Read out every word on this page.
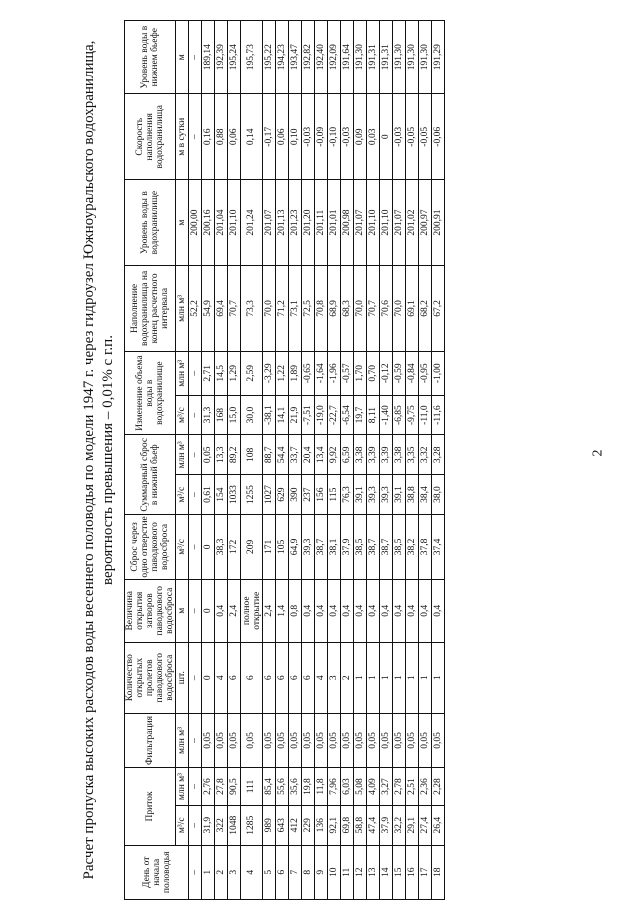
2
Расчет пропуска высоких расходов воды весеннего половодья по модели 1947 г. через гидроузел Южноуральского водохранилища, вероятность превышения – 0,01% с г.п.
День от начала половодья	Приток		Фильтрация	Количество открытых пролетов паводкового водосброса	Величина открытия затворов паводкового водосброса	Сброс через одно отверстие паводкового водосброса	Суммарный сброс в нижний бьеф		Изменение объема воды в водохранилище		Наполнение водохранилища на конец расчетного интервала	Уровень воды в водохранилище	Скорость наполнения водохранилища	Уровень воды в нижнем бьефе
	м³/с	млн м³	млн м³	шт.	м	м³/с	м³/с	млн м³	м³/с	млн м³	млн м³	м	м в сутки	м
–	–	–	–	–	–	–	–	–	–	–	52,2	200,00	–	–
1	31,9	2,76	0,05	0	0	0	0,61	0,05	31,3	2,71	54,9	200,16	0,16	189,14
2	322	27,8	0,05	4	0,4	38,3	154	13,3	168	14,5	69,4	201,04	0,88	192,39
3	1048	90,5	0,05	6	2,4	172	1033	89,2	15,0	1,29	70,7	201,10	0,06	195,24
4	1285	111	0,05	6	полное открытие	209	1255	108	30,0	2,59	73,3	201,24	0,14	195,73
5	989	85,4	0,05	6	2,4	171	1027	88,7	-38,1	-3,29	70,0	201,07	-0,17	195,22
6	643	55,6	0,05	6	1,4	105	629	54,4	14,1	1,22	71,2	201,13	0,06	194,23
7	412	35,6	0,05	6	0,8	64,9	390	33,7	21,9	1,89	73,1	201,23	0,10	193,47
8	229	19,8	0,05	6	0,4	39,3	237	20,4	-7,51	-0,65	72,5	201,20	-0,03	192,82
9	136	11,8	0,05	4	0,4	38,7	156	13,4	-19,0	-1,64	70,8	201,11	-0,09	192,40
10	92,1	7,96	0,05	3	0,4	38,1	115	9,92	-22,7	-1,96	68,9	201,01	-0,10	192,09
11	69,8	6,03	0,05	2	0,4	37,9	76,3	6,59	-6,54	-0,57	68,3	200,98	-0,03	191,64
12	58,8	5,08	0,05	1	0,4	38,5	39,1	3,38	19,7	1,70	70,0	201,07	0,09	191,30
13	47,4	4,09	0,05	1	0,4	38,7	39,3	3,39	8,11	0,70	70,7	201,10	0,03	191,31
14	37,9	3,27	0,05	1	0,4	38,7	39,3	3,39	-1,40	-0,12	70,6	201,10	0	191,31
15	32,2	2,78	0,05	1	0,4	38,5	39,1	3,38	-6,85	-0,59	70,0	201,07	-0,03	191,30
16	29,1	2,51	0,05	1	0,4	38,2	38,8	3,35	-9,75	-0,84	69,1	201,02	-0,05	191,30
17	27,4	2,36	0,05	1	0,4	37,8	38,4	3,32	-11,0	-0,95	68,2	200,97	-0,05	191,30
18	26,4	2,28	0,05	1	0,4	37,4	38,0	3,28	-11,6	-1,00	67,2	200,91	-0,06	191,29
